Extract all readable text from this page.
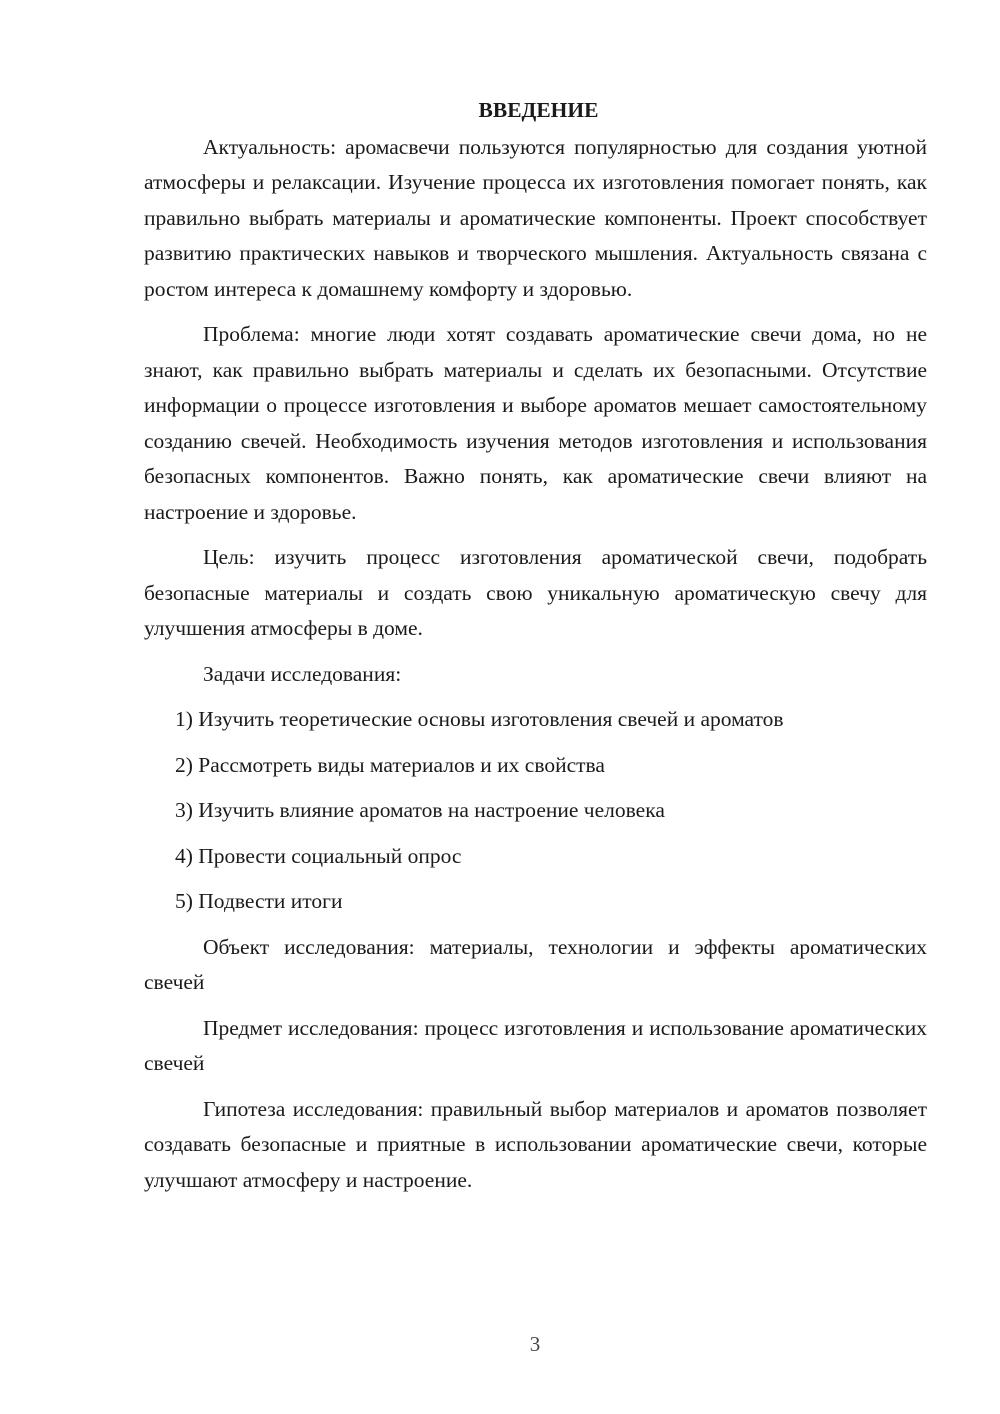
ВВЕДЕНИЕ

Актуальность: аромасвечи пользуются популярностью для создания уютной атмосферы и релаксации. Изучение процесса их изготовления помогает понять, как правильно выбрать материалы и ароматические компоненты. Проект способствует развитию практических навыков и творческого мышления. Актуальность связана с ростом интереса к домашнему комфорту и здоровью.

Проблема: многие люди хотят создавать ароматические свечи дома, но не знают, как правильно выбрать материалы и сделать их безопасными. Отсутствие информации о процессе изготовления и выборе ароматов мешает самостоятельному созданию свечей. Необходимость изучения методов изготовления и использования безопасных компонентов. Важно понять, как ароматические свечи влияют на настроение и здоровье.

Цель: изучить процесс изготовления ароматической свечи, подобрать безопасные материалы и создать свою уникальную ароматическую свечу для улучшения атмосферы в доме.

Задачи исследования:

1) Изучить теоретические основы изготовления свечей и ароматов
2) Рассмотреть виды материалов и их свойства
3) Изучить влияние ароматов на настроение человека
4) Провести социальный опрос
5) Подвести итоги

Объект исследования: материалы, технологии и эффекты ароматических свечей

Предмет исследования: процесс изготовления и использование ароматических свечей

Гипотеза исследования: правильный выбор материалов и ароматов позволяет создавать безопасные и приятные в использовании ароматические свечи, которые улучшают атмосферу и настроение.

3
